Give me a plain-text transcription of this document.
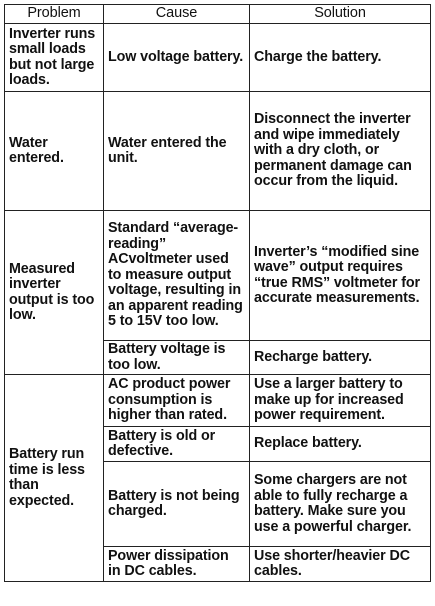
Problem	Cause	Solution
Inverter runs small loads but not large loads.	Low voltage battery.	Charge the battery.
Water entered.	Water entered the unit.	Disconnect the inverter and wipe immediately with a dry cloth, or permanent damage can occur from the liquid.
Measured inverter output is too low.	Standard “average-reading” ACvoltmeter used to measure output voltage, resulting in an apparent reading 5 to 15V too low.	Inverter’s “modified sine wave” output requires “true RMS” voltmeter for accurate measurements.
	Battery voltage is too low.	Recharge battery.
Battery run time is less than expected.	AC product power consumption is higher than rated.	Use a larger battery to make up for increased power requirement.
	Battery is old or defective.	Replace battery.
	Battery is not being charged.	Some chargers are not able to fully recharge a battery. Make sure you use a powerful charger.
	Power dissipation in DC cables.	Use shorter/heavier DC cables.
